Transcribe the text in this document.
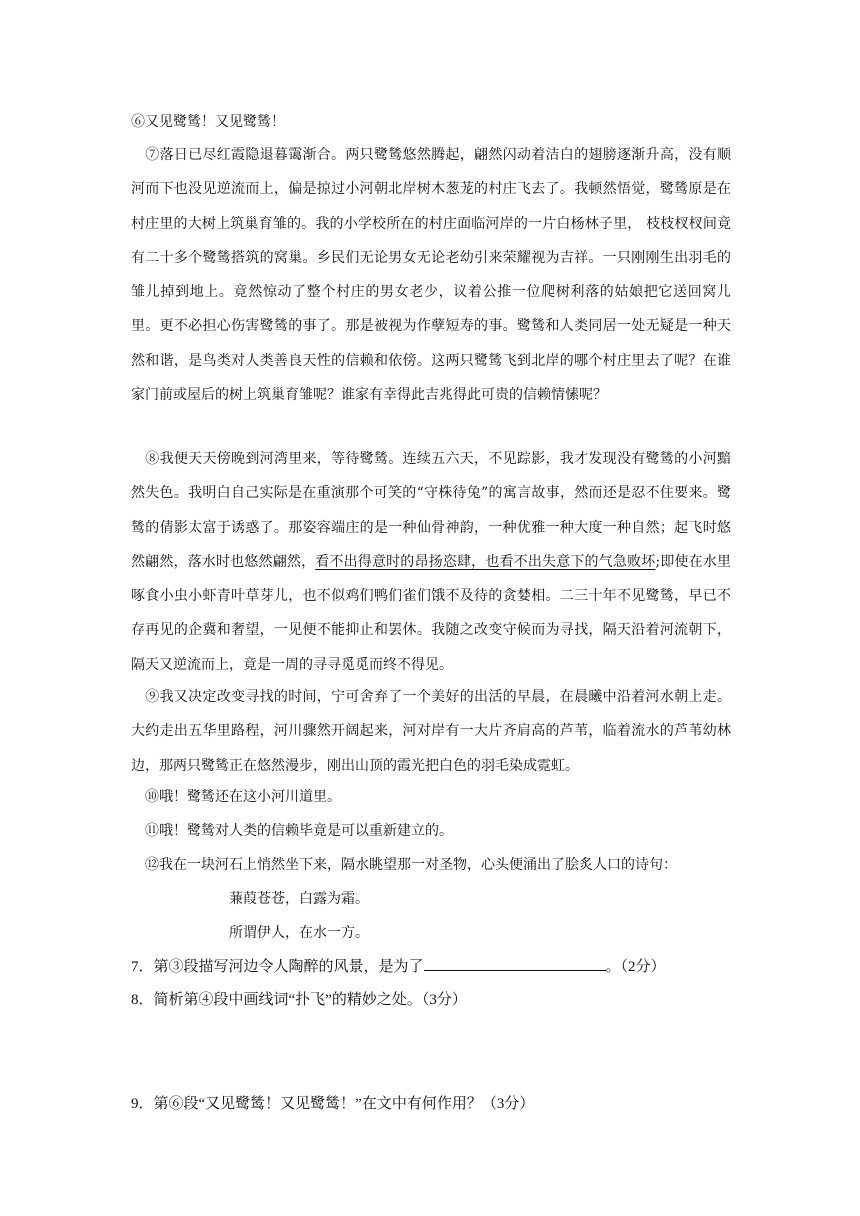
⑥又见鹭鸶！又见鹭鸶！

⑦落日已尽红霞隐退暮霭渐合。两只鹭鸶悠然腾起，翩然闪动着洁白的翅膀逐渐升高，没有顺河而下也没见逆流而上，偏是掠过小河朝北岸树木葱茏的村庄飞去了。我顿然悟觉，鹭鸶原是在村庄里的大树上筑巢育雏的。我的小学校所在的村庄面临河岸的一片白杨林子里， 枝枝杈杈间竟有二十多个鹭鸶搭筑的窝巢。乡民们无论男女无论老幼引来荣耀视为吉祥。一只刚刚生出羽毛的雏儿掉到地上。竟然惊动了整个村庄的男女老少，议着公推一位爬树利落的姑娘把它送回窝儿里。更不必担心伤害鹭鸶的事了。那是被视为作孽短寿的事。鹭鸶和人类同居一处无疑是一种天然和谐，是鸟类对人类善良天性的信赖和依傍。这两只鹭鸶飞到北岸的哪个村庄里去了呢？在谁家门前或屋后的树上筑巢育雏呢？谁家有幸得此吉兆得此可贵的信赖情愫呢？

⑧我便天天傍晚到河湾里来，等待鹭鸶。连续五六天，不见踪影，我才发现没有鹭鸶的小河黯然失色。我明白自己实际是在重演那个可笑的“守株待兔”的寓言故事，然而还是忍不住要来。鹭鸶的倩影太富于诱惑了。那姿容端庄的是一种仙骨神韵，一种优雅一种大度一种自然；起飞时悠然翩然，落水时也悠然翩然，看不出得意时的昂扬恣肆，也看不出失意下的气急败坏;即使在水里啄食小虫小虾青叶草芽儿，也不似鸡们鸭们雀们饿不及待的贪婪相。二三十年不见鹭鸶，早已不存再见的企冀和奢望，一见便不能抑止和罢休。我随之改变守候而为寻找，隔天沿着河流朝下，隔天又逆流而上，竟是一周的寻寻觅觅而终不得见。

⑨我又决定改变寻找的时间，宁可舍弃了一个美好的出活的早晨，在晨曦中沿着河水朝上走。大约走出五华里路程，河川骤然开阔起来，河对岸有一大片齐肩高的芦苇，临着流水的芦苇幼林边，那两只鹭鸶正在悠然漫步，刚出山顶的霞光把白色的羽毛染成霓虹。

⑩哦！鹭鸶还在这小河川道里。

⑪哦！鹭鸶对人类的信赖毕竟是可以重新建立的。

⑫我在一块河石上悄然坐下来，隔水眺望那一对圣物，心头便涌出了脍炙人口的诗句：

蒹葭苍苍，白露为霜。

所谓伊人，在水一方。

7．第③段描写河边令人陶醉的风景，是为了	。（2分）

8．简析第④段中画线词“扑飞”的精妙之处。（3分）

9．第⑥段“又见鹭鸶！又见鹭鸶！”在文中有何作用？（3分）
